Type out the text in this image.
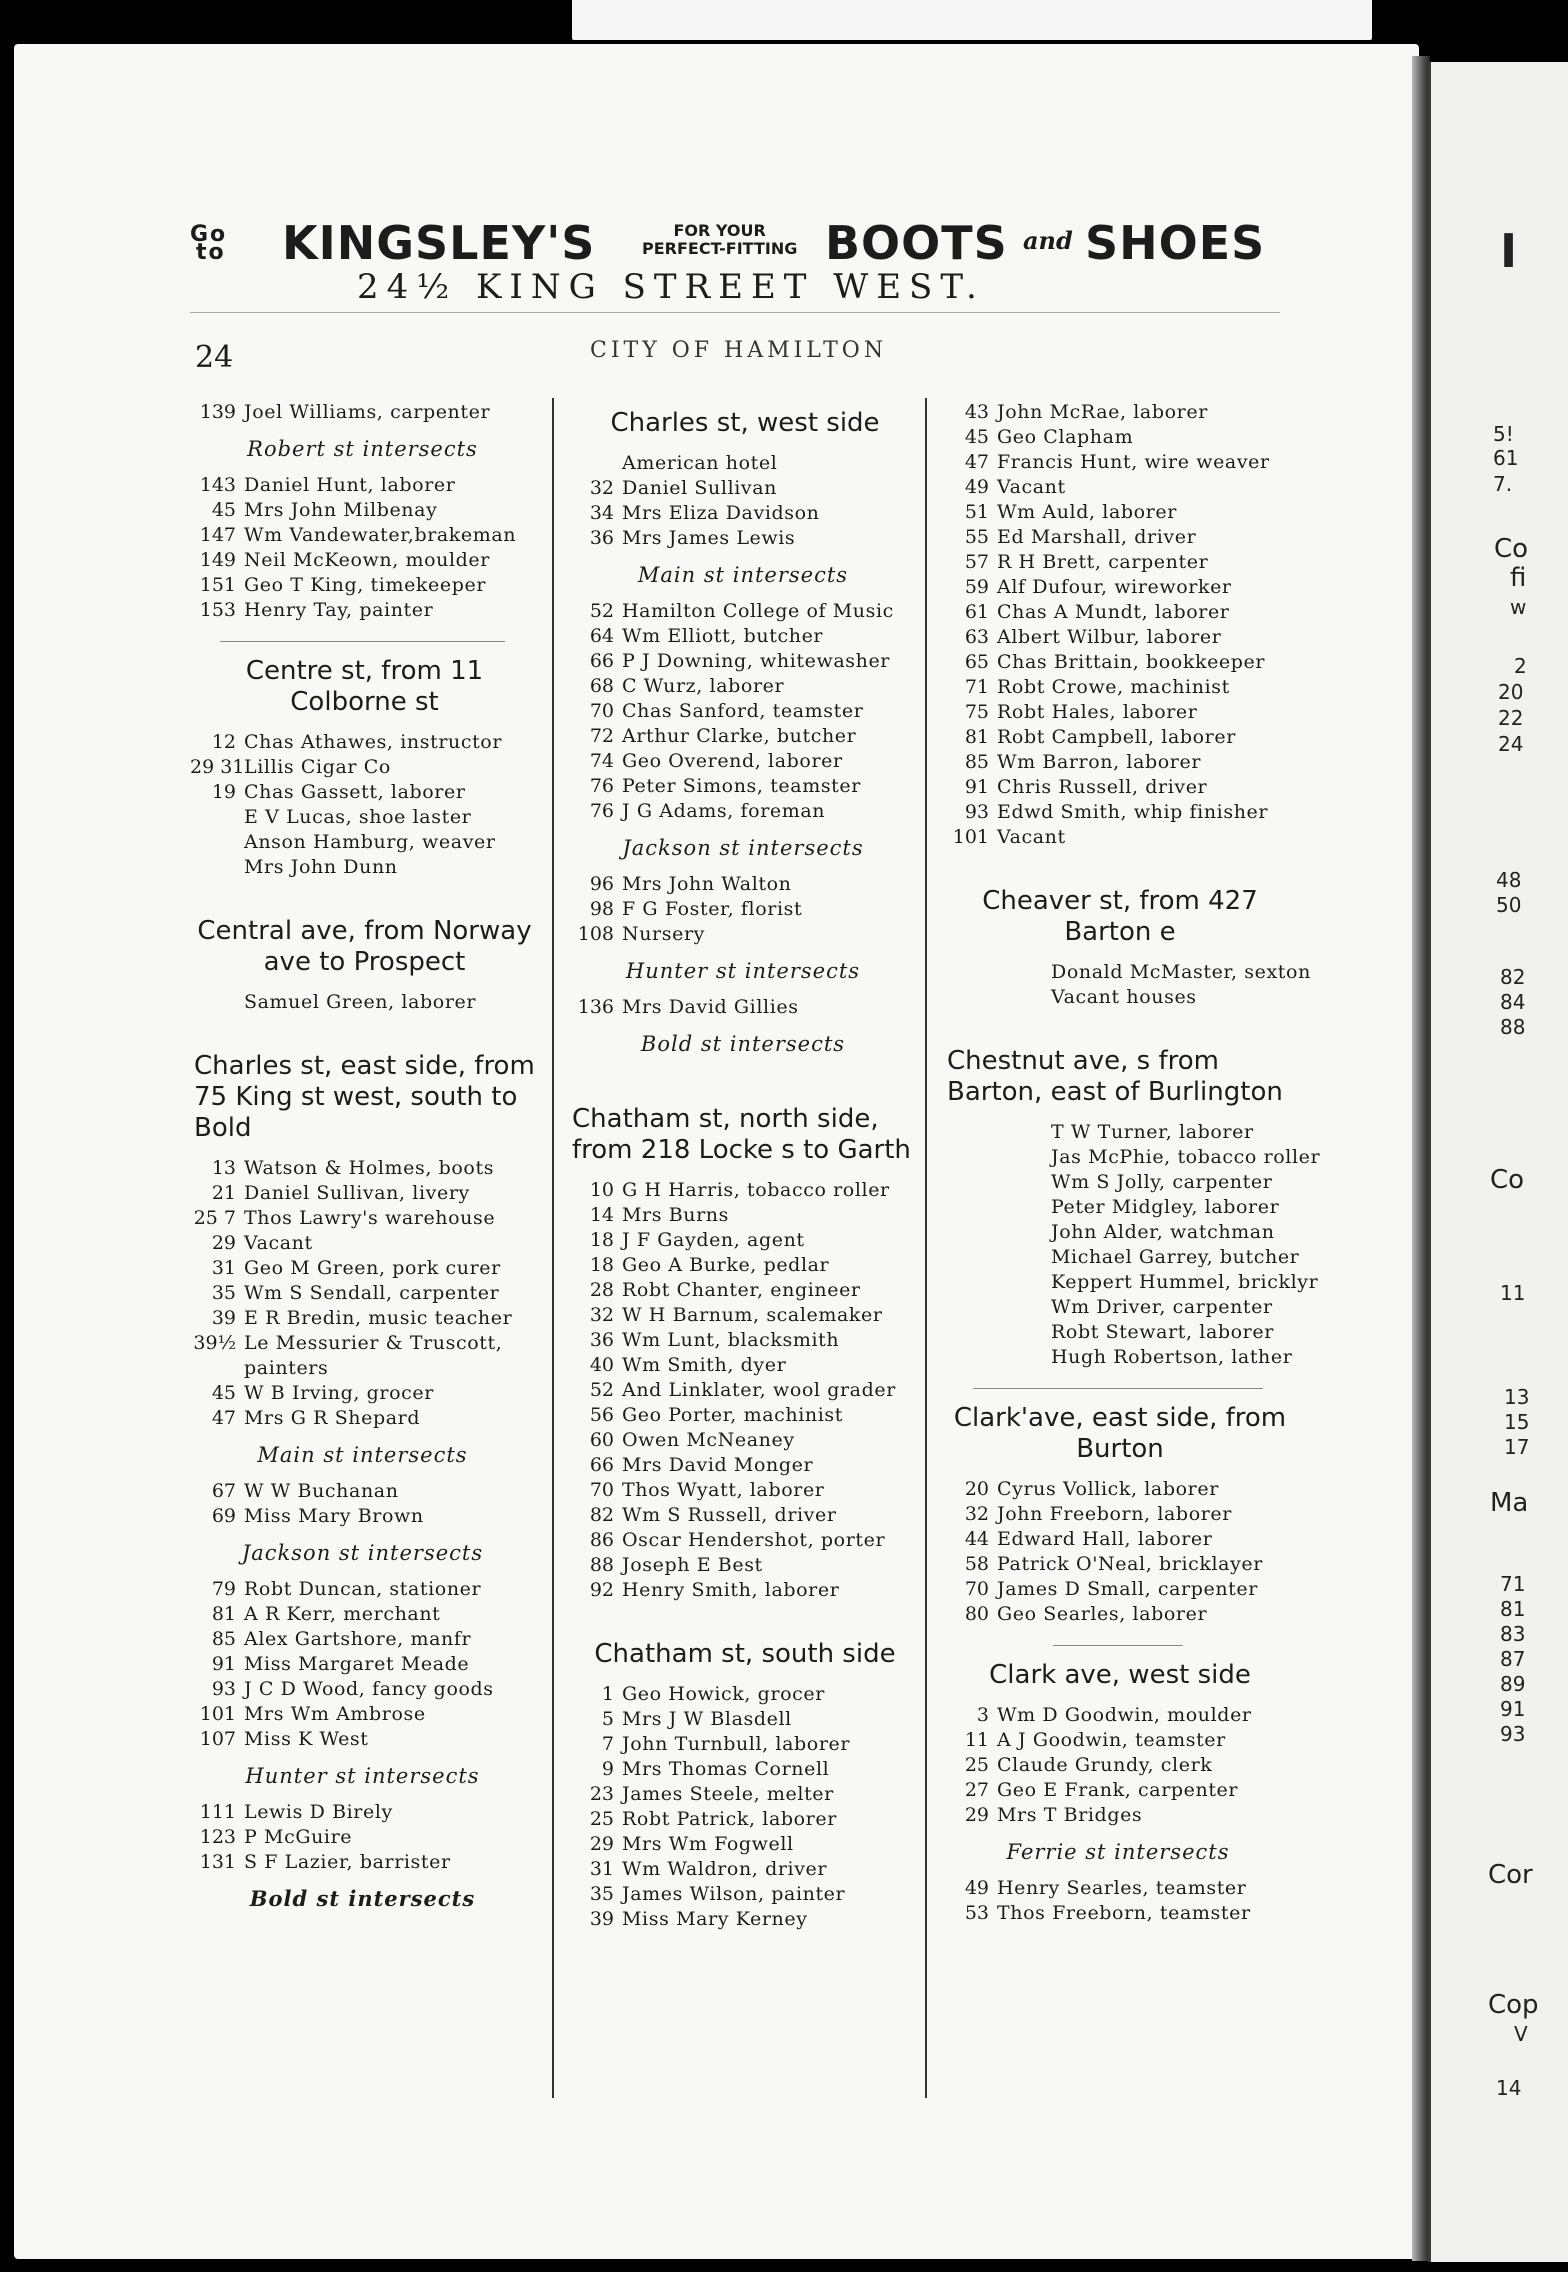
Go
to KINGSLEY'S	FOR YOUR
PERFECT-FITTING BOOTS and SHOES
24½ KING STREET WEST.
24	CITY OF HAMILTON
139 Joel Williams, carpenter
Robert st intersects
143 Daniel Hunt, laborer
45 Mrs John Milbenay
147 Wm Vandewater,brakeman
149 Neil McKeown, moulder
151 Geo T King, timekeeper
153 Henry Tay, painter
Centre st, from 11 Colborne st
12 Chas Athawes, instructor
29 31 Lillis Cigar Co
19 Chas Gassett, laborer
E V Lucas, shoe laster
Anson Hamburg, weaver
Mrs John Dunn
Central ave, from Norway ave to Prospect
Samuel Green, laborer
Charles st, east side, from 75 King st west, south to Bold
13 Watson & Holmes, boots
21 Daniel Sullivan, livery
25 7 Thos Lawry's warehouse
29 Vacant
31 Geo M Green, pork curer
35 Wm S Sendall, carpenter
39 E R Bredin, music teacher
39½ Le Messurier & Truscott,
painters
45 W B Irving, grocer
47 Mrs G R Shepard
Main st intersects
67 W W Buchanan
69 Miss Mary Brown
Jackson st intersects
79 Robt Duncan, stationer
81 A R Kerr, merchant
85 Alex Gartshore, manfr
91 Miss Margaret Meade
93 J C D Wood, fancy goods
101 Mrs Wm Ambrose
107 Miss K West
Hunter st intersects
111 Lewis D Birely
123 P McGuire
131 S F Lazier, barrister
Bold st intersects
Charles st, west side
American hotel
32 Daniel Sullivan
34 Mrs Eliza Davidson
36 Mrs James Lewis
Main st intersects
52 Hamilton College of Music
64 Wm Elliott, butcher
66 P J Downing, whitewasher
68 C Wurz, laborer
70 Chas Sanford, teamster
72 Arthur Clarke, butcher
74 Geo Overend, laborer
76 Peter Simons, teamster
76 J G Adams, foreman
Jackson st intersects
96 Mrs John Walton
98 F G Foster, florist
108 Nursery
Hunter st intersects
136 Mrs David Gillies
Bold st intersects
Chatham st, north side, from 218 Locke s to Garth
10 G H Harris, tobacco roller
14 Mrs Burns
18 J F Gayden, agent
18 Geo A Burke, pedlar
28 Robt Chanter, engineer
32 W H Barnum, scalemaker
36 Wm Lunt, blacksmith
40 Wm Smith, dyer
52 And Linklater, wool grader
56 Geo Porter, machinist
60 Owen McNeaney
66 Mrs David Monger
70 Thos Wyatt, laborer
82 Wm S Russell, driver
86 Oscar Hendershot, porter
88 Joseph E Best
92 Henry Smith, laborer
Chatham st, south side
1 Geo Howick, grocer
5 Mrs J W Blasdell
7 John Turnbull, laborer
9 Mrs Thomas Cornell
23 James Steele, melter
25 Robt Patrick, laborer
29 Mrs Wm Fogwell
31 Wm Waldron, driver
35 James Wilson, painter
39 Miss Mary Kerney
43 John McRae, laborer
45 Geo Clapham
47 Francis Hunt, wire weaver
49 Vacant
51 Wm Auld, laborer
55 Ed Marshall, driver
57 R H Brett, carpenter
59 Alf Dufour, wireworker
61 Chas A Mundt, laborer
63 Albert Wilbur, laborer
65 Chas Brittain, bookkeeper
71 Robt Crowe, machinist
75 Robt Hales, laborer
81 Robt Campbell, laborer
85 Wm Barron, laborer
91 Chris Russell, driver
93 Edwd Smith, whip finisher
101 Vacant
Cheaver st, from 427 Barton e
Donald McMaster, sexton
Vacant houses
Chestnut ave, s from Barton, east of Burlington
T W Turner, laborer
Jas McPhie, tobacco roller
Wm S Jolly, carpenter
Peter Midgley, laborer
John Alder, watchman
Michael Garrey, butcher
Keppert Hummel, bricklyr
Wm Driver, carpenter
Robt Stewart, laborer
Hugh Robertson, lather
Clark'ave, east side, from Burton
20 Cyrus Vollick, laborer
32 John Freeborn, laborer
44 Edward Hall, laborer
58 Patrick O'Neal, bricklayer
70 James D Small, carpenter
80 Geo Searles, laborer
Clark ave, west side
3 Wm D Goodwin, moulder
11 A J Goodwin, teamster
25 Claude Grundy, clerk
27 Geo E Frank, carpenter
29 Mrs T Bridges
Ferrie st intersects
49 Henry Searles, teamster
53 Thos Freeborn, teamster
I
5!
61
7.
Co
fi
w
2
20
22
24
48
50
82
84
88
Co
11
13
15
17
Ma
71
81
83
87
89
91
93
Cor
Cop
V
14
